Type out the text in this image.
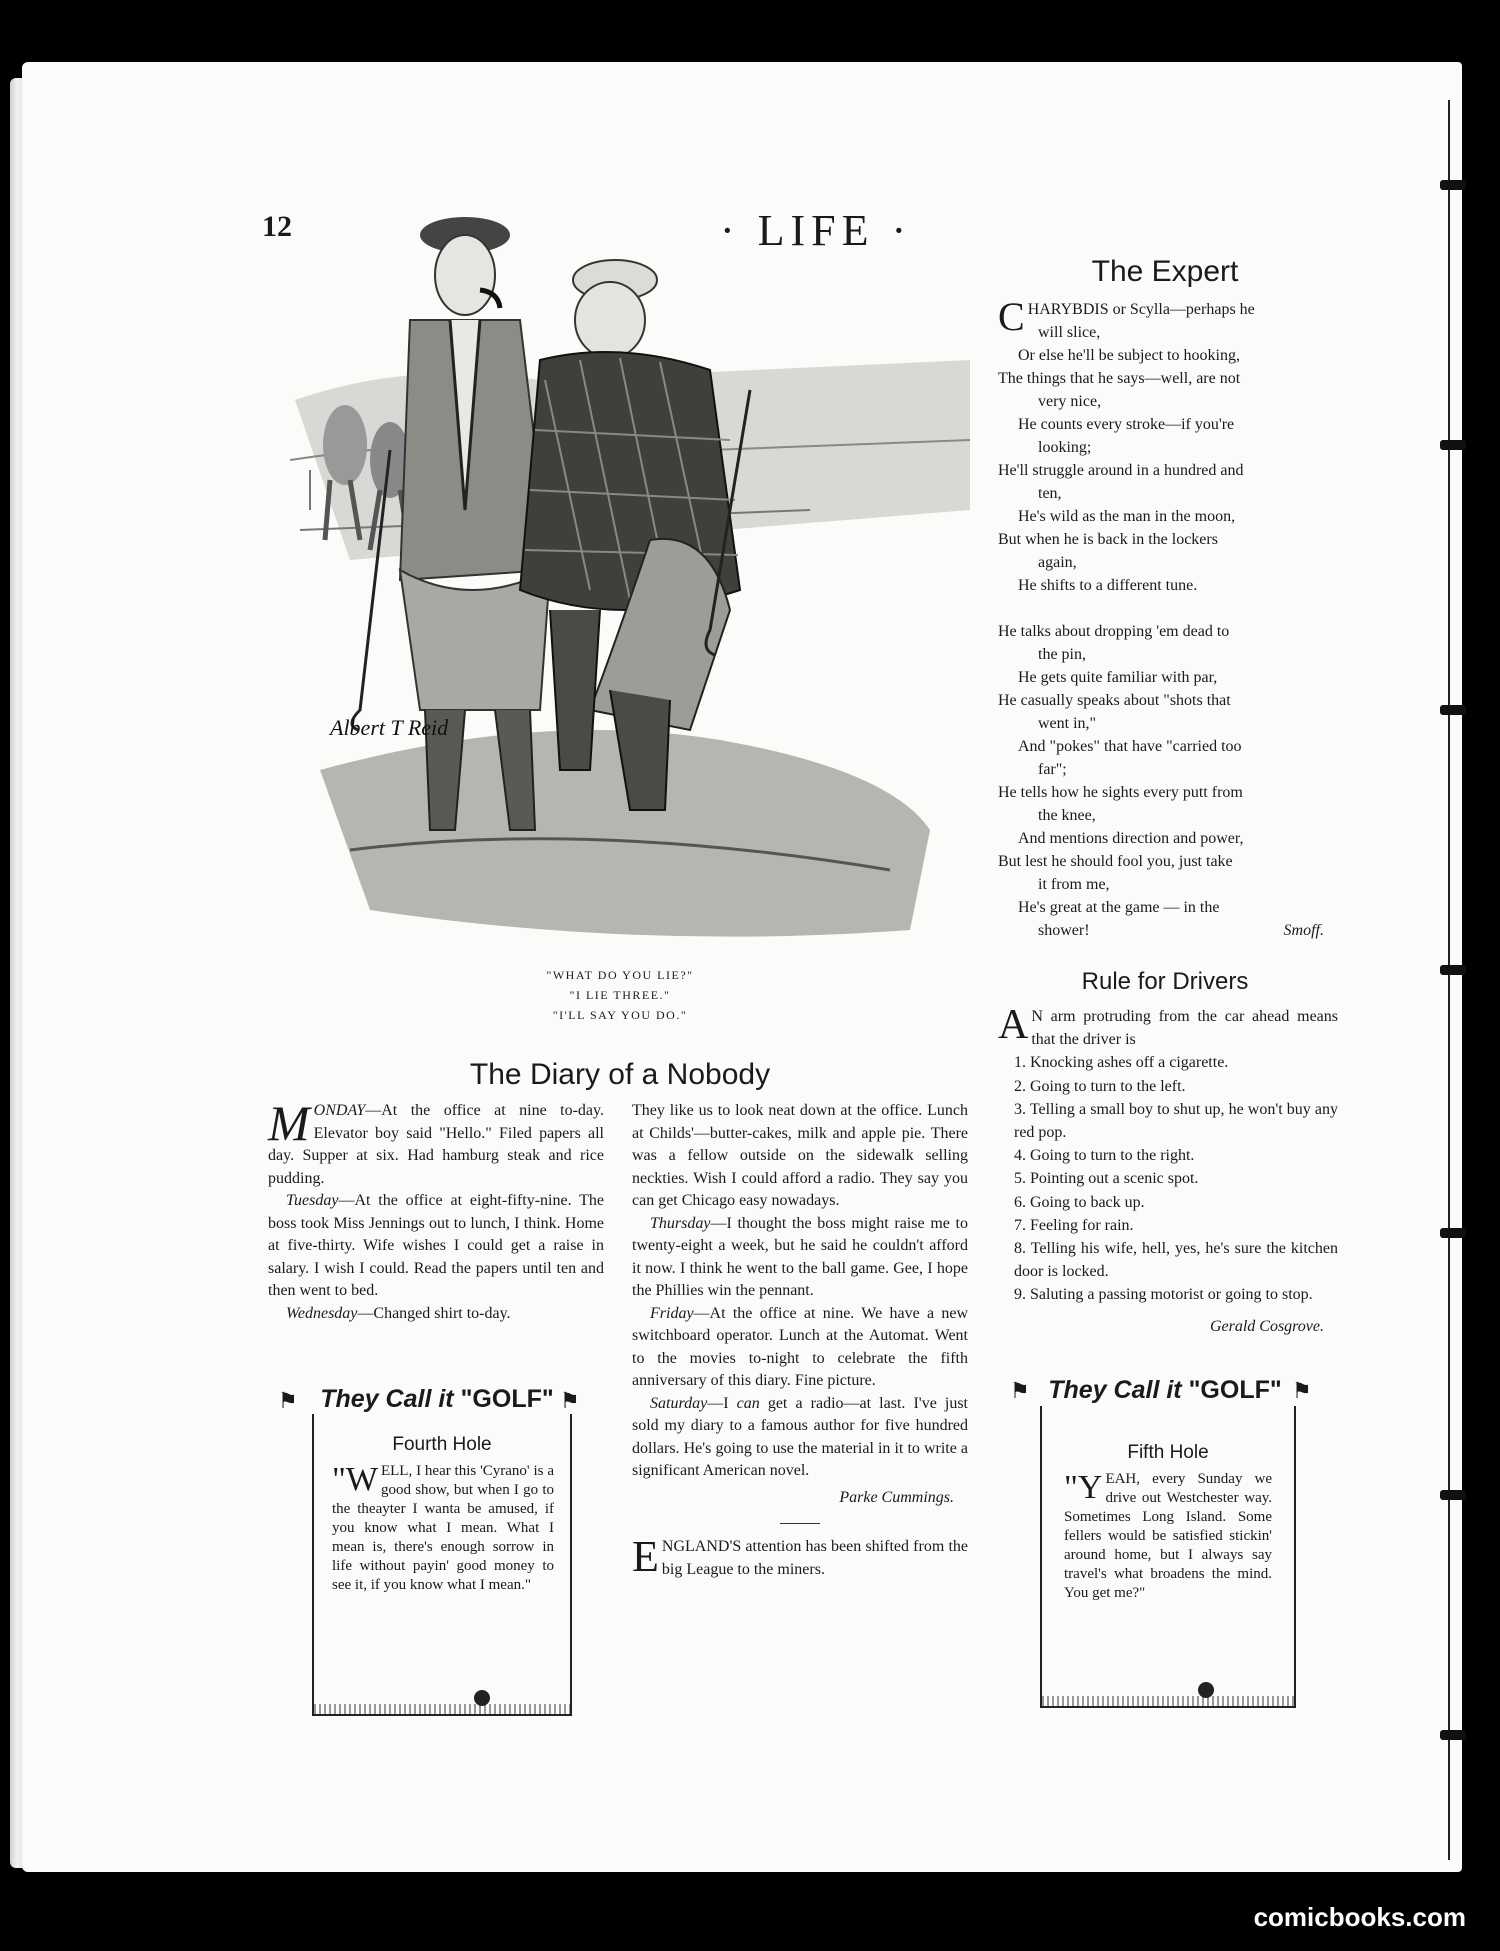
12	· LIFE ·
Albert T Reid
"WHAT DO YOU LIE?"
"I LIE THREE."
"I'LL SAY YOU DO."
The Diary of a Nobody

MONDAY—At the office at nine to-day. Elevator boy said "Hello." Filed papers all day. Supper at six. Had hamburg steak and rice pudding.

Tuesday—At the office at eight-fifty-nine. The boss took Miss Jennings out to lunch, I think. Home at five-thirty. Wife wishes I could get a raise in salary. I wish I could. Read the papers until ten and then went to bed.

Wednesday—Changed shirt to-day.

They like us to look neat down at the office. Lunch at Childs'—butter-cakes, milk and apple pie. There was a fellow outside on the sidewalk selling neckties. Wish I could afford a radio. They say you can get Chicago easy nowadays.

Thursday—I thought the boss might raise me to twenty-eight a week, but he said he couldn't afford it now. I think he went to the ball game. Gee, I hope the Phillies win the pennant.

Friday—At the office at nine. We have a new switchboard operator. Lunch at the Automat. Went to the movies to-night to celebrate the fifth anniversary of this diary. Fine picture.

Saturday—I can get a radio—at last. I've just sold my diary to a famous author for five hundred dollars. He's going to use the material in it to write a significant American novel.

Parke Cummings.

ENGLAND'S attention has been shifted from the big League to the miners.

⚑ They Call it "GOLF" ⚑
Fourth Hole
"WELL, I hear this 'Cyrano' is a good show, but when I go to the theayter I wanta be amused, if you know what I mean. What I mean is, there's enough sorrow in life without payin' good money to see it, if you know what I mean."
The Expert
C HARYBDIS or Scylla—perhaps he
will slice,
Or else he'll be subject to hooking,
The things that he says—well, are not
very nice,
He counts every stroke—if you're
looking;
He'll struggle around in a hundred and
ten,
He's wild as the man in the moon,
But when he is back in the lockers
again,
He shifts to a different tune.
He talks about dropping 'em dead to
the pin,
He gets quite familiar with par,
He casually speaks about "shots that
went in,"
And "pokes" that have "carried too
far";
He tells how he sights every putt from
the knee,
And mentions direction and power,
But lest he should fool you, just take
it from me,
He's great at the game — in the
shower!	Smoff.
Rule for Drivers

A N arm protruding from the car ahead means that the driver is

1. Knocking ashes off a cigarette.
2. Going to turn to the left.
3. Telling a small boy to shut up, he won't buy any red pop.
4. Going to turn to the right.
5. Pointing out a scenic spot.
6. Going to back up.
7. Feeling for rain.
8. Telling his wife, hell, yes, he's sure the kitchen door is locked.
9. Saluting a passing motorist or going to stop.
Gerald Cosgrove.
⚑ They Call it "GOLF" ⚑
Fifth Hole
"YEAH, every Sunday we drive out Westchester way. Sometimes Long Island. Some fellers would be satisfied stickin' around home, but I always say travel's what broadens the mind. You get me?"
comicbooks.com
